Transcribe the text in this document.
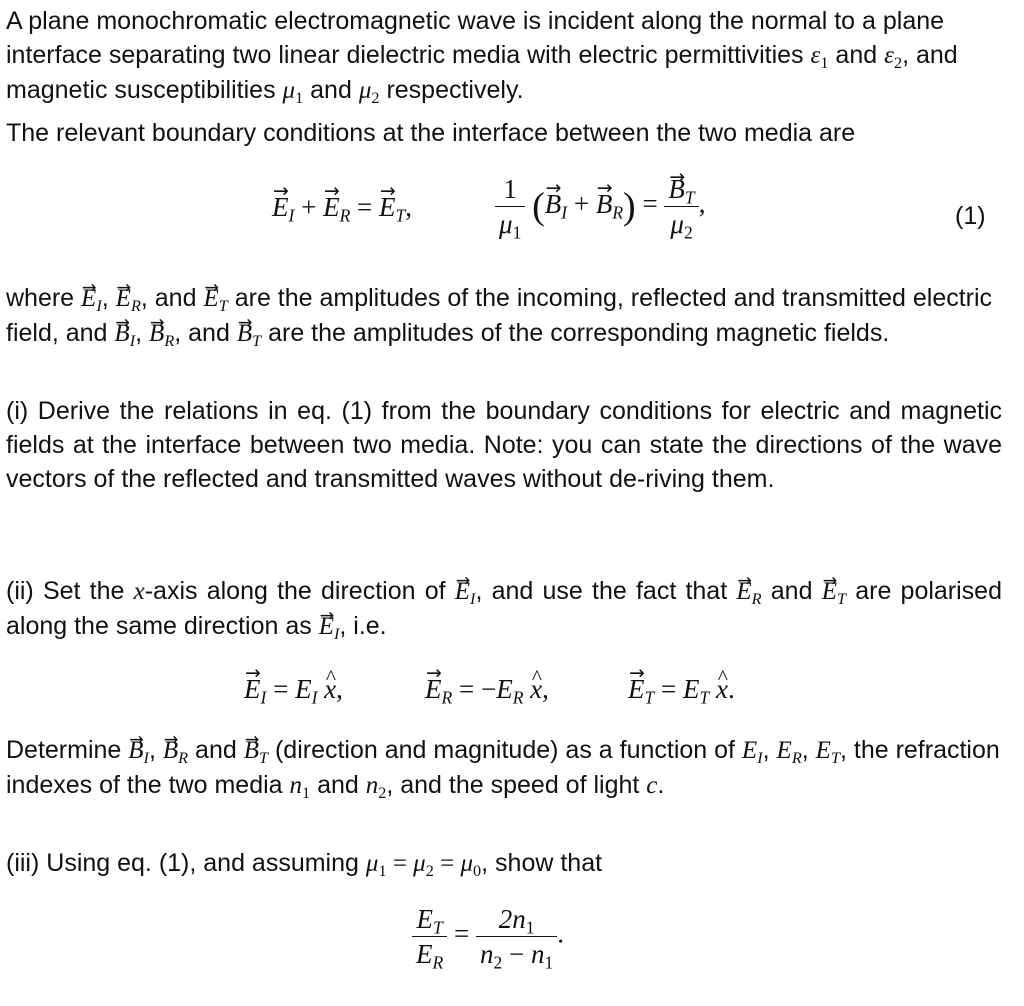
A plane monochromatic electromagnetic wave is incident along the normal to a plane interface separating two linear dielectric media with electric permittivities $\varepsilon_1$ and $\varepsilon_2$, and magnetic susceptibilities $\mu_1$ and $\mu_2$ respectively.

The relevant boundary conditions at the interface between the two media are

→ $E_I$ + → $E_R$ = → $E_T$,	$\frac{1}{\mu_1}$ (→ $B_I$ + → $B_R$) = → $\frac{B_T}{\mu_2}$ ,	(1)

where → $E_I$, → $E_R$, and → $E_T$ are the amplitudes of the incoming, reflected and transmitted electric field, and → $B_I$, → $B_R$, and → $B_T$ are the amplitudes of the corresponding magnetic fields.

(i) Derive the relations in eq. (1) from the boundary conditions for electric and magnetic fields at the interface between two media. Note: you can state the directions of the wave vectors of the reflected and transmitted waves without de-riving them.

(ii) Set the x-axis along the direction of → $E_I$, and use the fact that → $E_R$ and → $E_T$ are polarised along the same direction as → $E_I$, i.e.

→ $E_I = E_I$ ^ x,	→ $E_R = -E_R$ ^ x,	→ $E_T = E_T$ ^ x.

Determine → $B_I$, → $B_R$ and → $B_T$ (direction and magnitude) as a function of $E_I$, $E_R$, $E_T$, the refraction indexes of the two media $n_1$ and $n_2$, and the speed of light c.

(iii) Using eq. (1), and assuming $\mu_1 = \mu_2 = \mu_0$, show that

$\frac{E_T}{E_R} = \frac{2n_1}{n_2 - n_1}$ .
